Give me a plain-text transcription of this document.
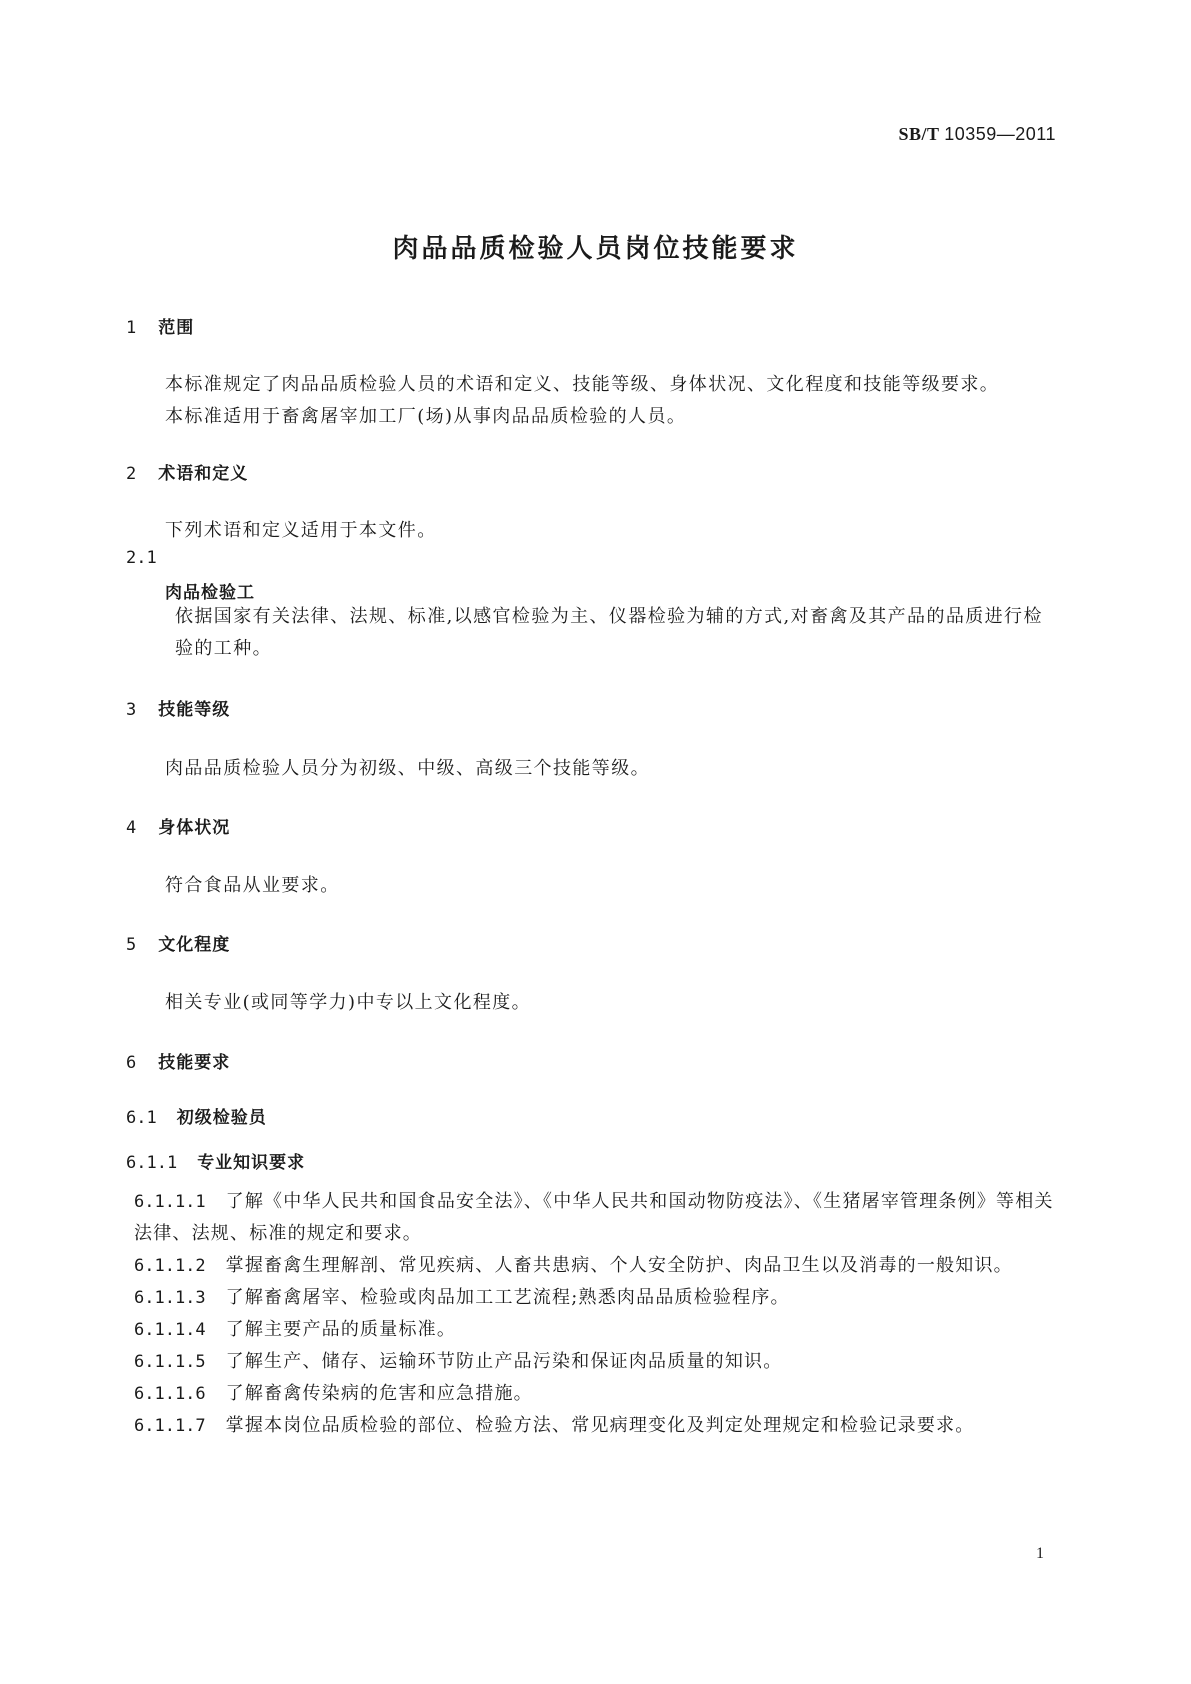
SB/T 10359—2011
肉品品质检验人员岗位技能要求
1 范围
本标准规定了肉品品质检验人员的术语和定义、技能等级、身体状况、文化程度和技能等级要求。
本标准适用于畜禽屠宰加工厂(场)从事肉品品质检验的人员。
2 术语和定义
下列术语和定义适用于本文件。
2.1
肉品检验工
依据国家有关法律、法规、标准,以感官检验为主、仪器检验为辅的方式,对畜禽及其产品的品质进行检验的工种。
3 技能等级
肉品品质检验人员分为初级、中级、高级三个技能等级。
4 身体状况
符合食品从业要求。
5 文化程度
相关专业(或同等学力)中专以上文化程度。
6 技能要求
6.1 初级检验员
6.1.1 专业知识要求
6.1.1.1 了解《中华人民共和国食品安全法》、《中华人民共和国动物防疫法》、《生猪屠宰管理条例》等相关法律、法规、标准的规定和要求。
6.1.1.2 掌握畜禽生理解剖、常见疾病、人畜共患病、个人安全防护、肉品卫生以及消毒的一般知识。
6.1.1.3 了解畜禽屠宰、检验或肉品加工工艺流程;熟悉肉品品质检验程序。
6.1.1.4 了解主要产品的质量标准。
6.1.1.5 了解生产、储存、运输环节防止产品污染和保证肉品质量的知识。
6.1.1.6 了解畜禽传染病的危害和应急措施。
6.1.1.7 掌握本岗位品质检验的部位、检验方法、常见病理变化及判定处理规定和检验记录要求。
1
